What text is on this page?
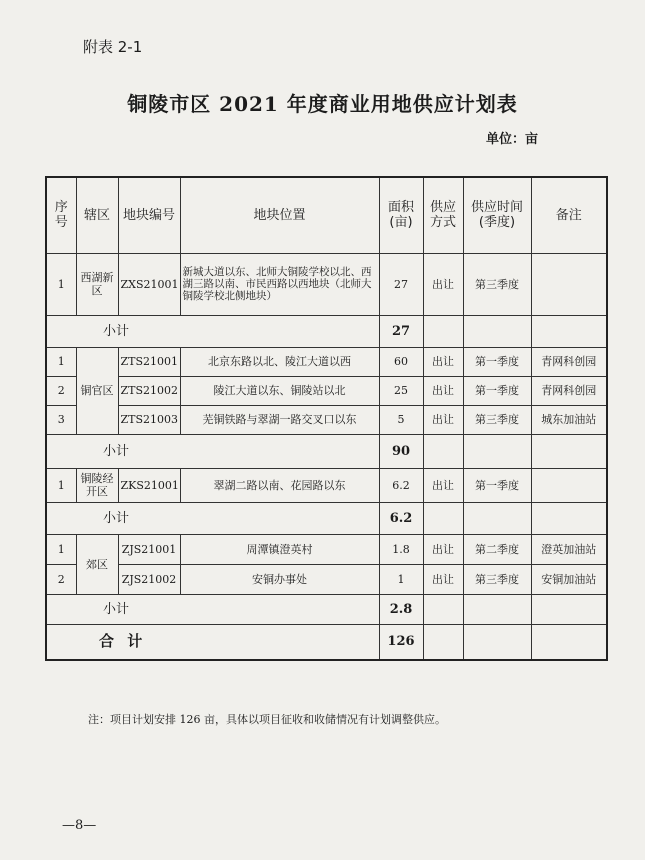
附表 2-1
铜陵市区 2021 年度商业用地供应计划表
单位：亩
序号	辖区	地块编号	地块位置	面积(亩)	供应方式	供应时间(季度)	备注
1	西湖新区	ZXS21001	新城大道以东、北师大铜陵学校以北、西湖三路以南、市民西路以西地块（北师大铜陵学校北侧地块）	27	出让	第三季度	
小计				27			
1	铜官区	ZTS21001	北京东路以北、陵江大道以西	60	出让	第一季度	青网科创园
2		ZTS21002	陵江大道以东、铜陵站以北	25	出让	第一季度	青网科创园
3		ZTS21003	芜铜铁路与翠湖一路交叉口以东	5	出让	第三季度	城东加油站
小计				90			
1	铜陵经开区	ZKS21001	翠湖二路以南、花园路以东	6.2	出让	第一季度	
小计				6.2			
1	郊区	ZJS21001	周潭镇澄英村	1.8	出让	第二季度	澄英加油站
2		ZJS21002	安铜办事处	1	出让	第三季度	安铜加油站
小计				2.8			
合 计				126			
注：项目计划安排 126 亩，具体以项目征收和收储情况有计划调整供应。
—8—
